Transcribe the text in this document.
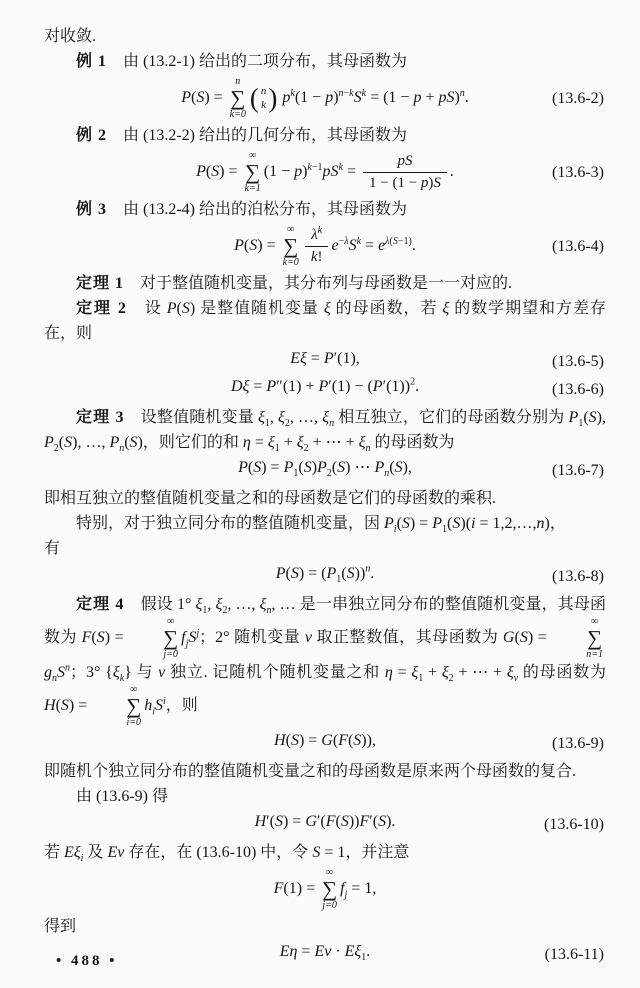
对收敛.
例 1　由 (13.2-1) 给出的二项分布，其母函数为
P(S) =
n
∑
k=0
( n
k ) $p^k(1 - p)^{n-k}S^k = (1 - p + pS)^n$.	(13.6-2)
例 2　由 (13.2-2) 给出的几何分布，其母函数为
P(S) =
∞
∑
k=1
$(1 - p)^{k-1}pS^k = \frac{pS}{1 - (1 - p)S}$ .	(13.6-3)
例 3　由 (13.2-4) 给出的泊松分布，其母函数为
P(S) =
∞
∑
$k=0 \frac{\lambda^k}{k!} e^{-\lambda}S^k = e^{\lambda(S-1)}$.	(13.6-4)
定理 1　对于整值随机变量，其分布列与母函数是一一对应的.
定理 2　设 P(S) 是整值随机变量 ξ 的母函数，若 ξ 的数学期望和方差存在，则
Eξ = P′(1),	(13.6-5)
$D\xi = P''(1) + P'(1) - (P'(1))^2$.	(13.6-6)
定理 3　设整值随机变量 $\xi_1$, $\xi_2$, …, $\xi_n$ 相互独立，它们的母函数分别为 $P_1(S)$, $P_2(S)$, …, $P_n(S)$，则它们的和 $\eta = \xi_1 + \xi_2$ + ⋯ + $\xi_n$ 的母函数为
$P(S) = P_1(S)P_2(S)$ ⋯ $P_n(S)$,	(13.6-7)
即相互独立的整值随机变量之和的母函数是它们的母函数的乘积.
特别，对于独立同分布的整值随机变量，因 $P_i(S) = P_1(S)(i$ = 1,2,…,n)，
有
$P(S) = (P_1(S))^n$.	(13.6-8)
定理 4　假设 1° $\xi_1$, $\xi_2$, …, $\xi_n$, … 是一串独立同分布的整值随机变量，其母函数为 F(S) =
∞
∑
j=0
$f_jS^j$；2° 随机变量 ν 取正整数值，其母函数为 G(S) =
∞
∑
n=1
$g_nS^n$；3° $\{\xi_k\}$ 与 ν 独立. 记随机个随机变量之和 $\eta = \xi_1 + \xi_2$ + ⋯ + $\xi_\nu$ 的母函数为 H(S) =
∞
∑
i=0
$h_iS^i$，则
H(S) = G(F(S)),	(13.6-9)
即随机个独立同分布的整值随机变量之和的母函数是原来两个母函数的复合.
由 (13.6-9) 得
H′(S) = G′(F(S))F′(S).	(13.6-10)
若 $E\xi_i$ 及 Eν 存在，在 (13.6-10) 中，令 S = 1，并注意
F(1) =
∞
∑
j=0
$f_j = 1$,
得到
$E\eta = E\nu \cdot E\xi_1$.	(13.6-11)
• 488 •
